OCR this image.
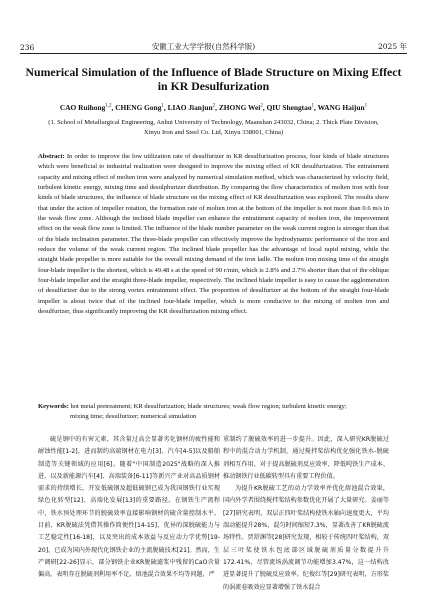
236	安徽工业大学学报(自然科学版)	2025 年
Numerical Simulation of the Influence of Blade Structure on Mixing Effect in KR Desulfurization
CAO Ruihong$^{1,2}$, CHENG Gong$^1$, LIAO Jianjun$^2$, ZHONG Wei$^2$, QIU Shengtao$^1$, WANG Haijun$^1$
(1. School of Metallurgical Engineering, Anhui University of Technology, Maanshan 243032, China; 2. Thick Plate Division, Xinyu Iron and Steel Co. Ltd, Xinyu 338001, China)
Abstract: In order to improve the low utilization rate of desulfurizer in KR desulfurization process, four kinds of blade structures which were beneficial to industrial realization were designed to improve the mixing effect of KR desulfurization. The entrainment capacity and mixing effect of molten iron were analyzed by numerical simulation method, which was characterized by velocity field, turbulent kinetic energy, mixing time and desulphurizer distribution. By comparing the flow characteristics of molten iron with four kinds of blade structures, the influence of blade structure on the mixing effect of KR desulfurization was explored. The results show that under the action of impeller rotation, the formation rate of molten iron at the bottom of the impeller is not more than 0.6 m/s in the weak flow zone. Although the inclined blade impeller can enhance the entrainment capacity of molten iron, the improvement effect on the weak flow zone is limited. The influence of the blade number parameter on the weak current region is stronger than that of the blade inclination parameter. The three-blade propeller can effectively improve the hydrodynamic performance of the iron and reduce the volume of the weak current region. The inclined blade propeller has the advantage of local rapid mixing, while the straight blade propeller is more suitable for the overall mixing demand of the iron ladle. The molten iron mixing time of the straight four-blade impeller is the shortest, which is 49.48 s at the speed of 90 r/min, which is 2.8% and 2.7% shorter than that of the oblique four-blade impeller and the straight three-blade impeller, respectively. The inclined blade impeller is easy to cause the agglomeration of desulfurizer due to the strong vortex entrainment effect. The proportion of desulfurizer at the bottom of the straight four-blade impeller is about twice that of the inclined four-blade impeller, which is more conducive to the mixing of molten iron and desulfurizer, thus significantly improving the KR desulfurization mixing effect.
Keywords: hot metal pretreatment; KR desulfurization; blade structures; weak flow region; turbulent kinetic energy;
mixing time; desulfurizer; numerical simulation

硫是钢中的有害元素，其含量过高会显著劣化钢材的疲性能和耐蚀性能[1-2]，进而制约高端钢材在电力[3]、汽车[4-5]以及船舶制造等关键领域的应用[6]。随着"中国制造2025"战略的深入推进，以及新能源汽车[4]、高端装备[6-11]等新兴产业对高品质钢材需求的持续增长，开发低硫钢及超低硫钢已成为我国钢铁行业实现绿色化转型[12]、高端化发展[13]的重要路径。在钢铁生产流程中，铁水预处理环节的脱硫效率直接影响钢材的硫含量控制水平。目前，KR脱硫法凭借其操作简便性[14-15]、优异的深脱硫能力与工艺稳定性[16-18]，以及突出的成本效益与反应动力学优势[19-20]，已成为国内外现代化钢铁企业的主流脱硫技术[21]。然而，生产调研[22-26]显示，部分钢铁企业KR脱硫滤浆中残留的CaO含量偏高，表明存在脱硫剂利用率不足、熔池混合效果不均等问题，严

重制约了脱硫效率的进一步提升。因此，深入研究KR脱硫过程中的混合动力学机制，通过搅拌桨结构优化强化铁水-脱硫剂相互作用，对于提高脱硫剂反应效率、降低吨铁生产成本、推动钢铁行业低碳转型具有重要工程价值。

为提升KR脱硫工艺的动力学效率并优化熔池混合效果，国内外学者围绕搅拌桨结构参数优化开展了大量研究。姜丽等[27]研究表明，双层正四叶桨结构使铁水轴向速度更大，平均湍动能提升28%，混匀时间缩短7.3%，显著改善了KR脱硫流场特性。贾舒渊等[28]研究发现，相较于传统四叶桨结构，双层三叶桨使铁水包底部区域脱硫剂质量分数提升升172.41%，尽管流场涡流调节功能增加3.47%，这一结构改进显著提升了脱硫反应效率。纪俊红等[29]研究表明，方形桨的涡流卷吸效应显著增强了铁水混合
